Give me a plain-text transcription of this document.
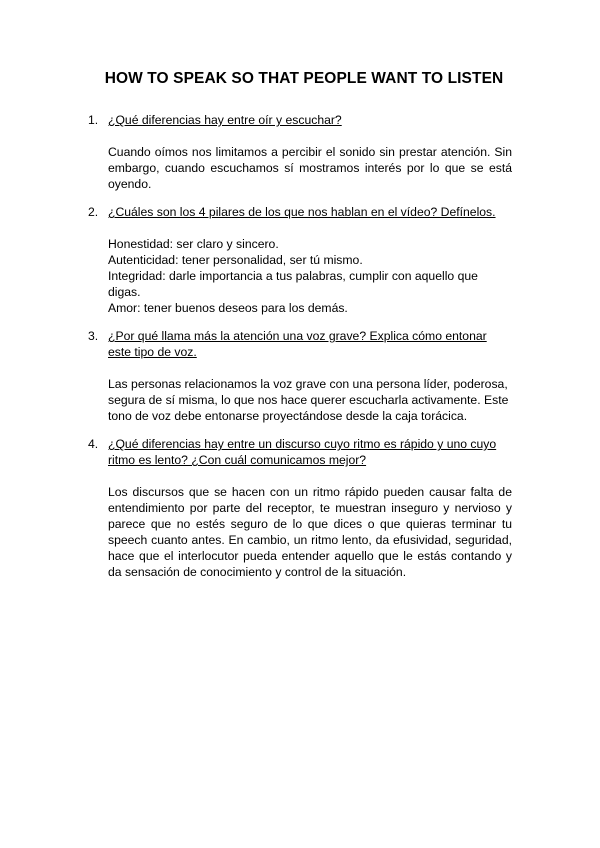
HOW TO SPEAK SO THAT PEOPLE WANT TO LISTEN
1. ¿Qué diferencias hay entre oír y escuchar?

Cuando oímos nos limitamos a percibir el sonido sin prestar atención. Sin embargo, cuando escuchamos sí mostramos interés por lo que se está oyendo.

2. ¿Cuáles son los 4 pilares de los que nos hablan en el vídeo? Defínelos.
Honestidad: ser claro y sincero.
Autenticidad: tener personalidad, ser tú mismo.
Integridad: darle importancia a tus palabras, cumplir con aquello que digas.
Amor: tener buenos deseos para los demás.
3. ¿Por qué llama más la atención una voz grave? Explica cómo entonar este tipo de voz.
Las personas relacionamos la voz grave con una persona líder, poderosa,
segura de sí misma, lo que nos hace querer escucharla activamente. Este
tono de voz debe entonarse proyectándose desde la caja torácica.
4. ¿Qué diferencias hay entre un discurso cuyo ritmo es rápido y uno cuyo ritmo es lento? ¿Con cuál comunicamos mejor?

Los discursos que se hacen con un ritmo rápido pueden causar falta de entendimiento por parte del receptor, te muestran inseguro y nervioso y parece que no estés seguro de lo que dices o que quieras terminar tu speech cuanto antes. En cambio, un ritmo lento, da efusividad, seguridad, hace que el interlocutor pueda entender aquello que le estás contando y da sensación de conocimiento y control de la situación.
